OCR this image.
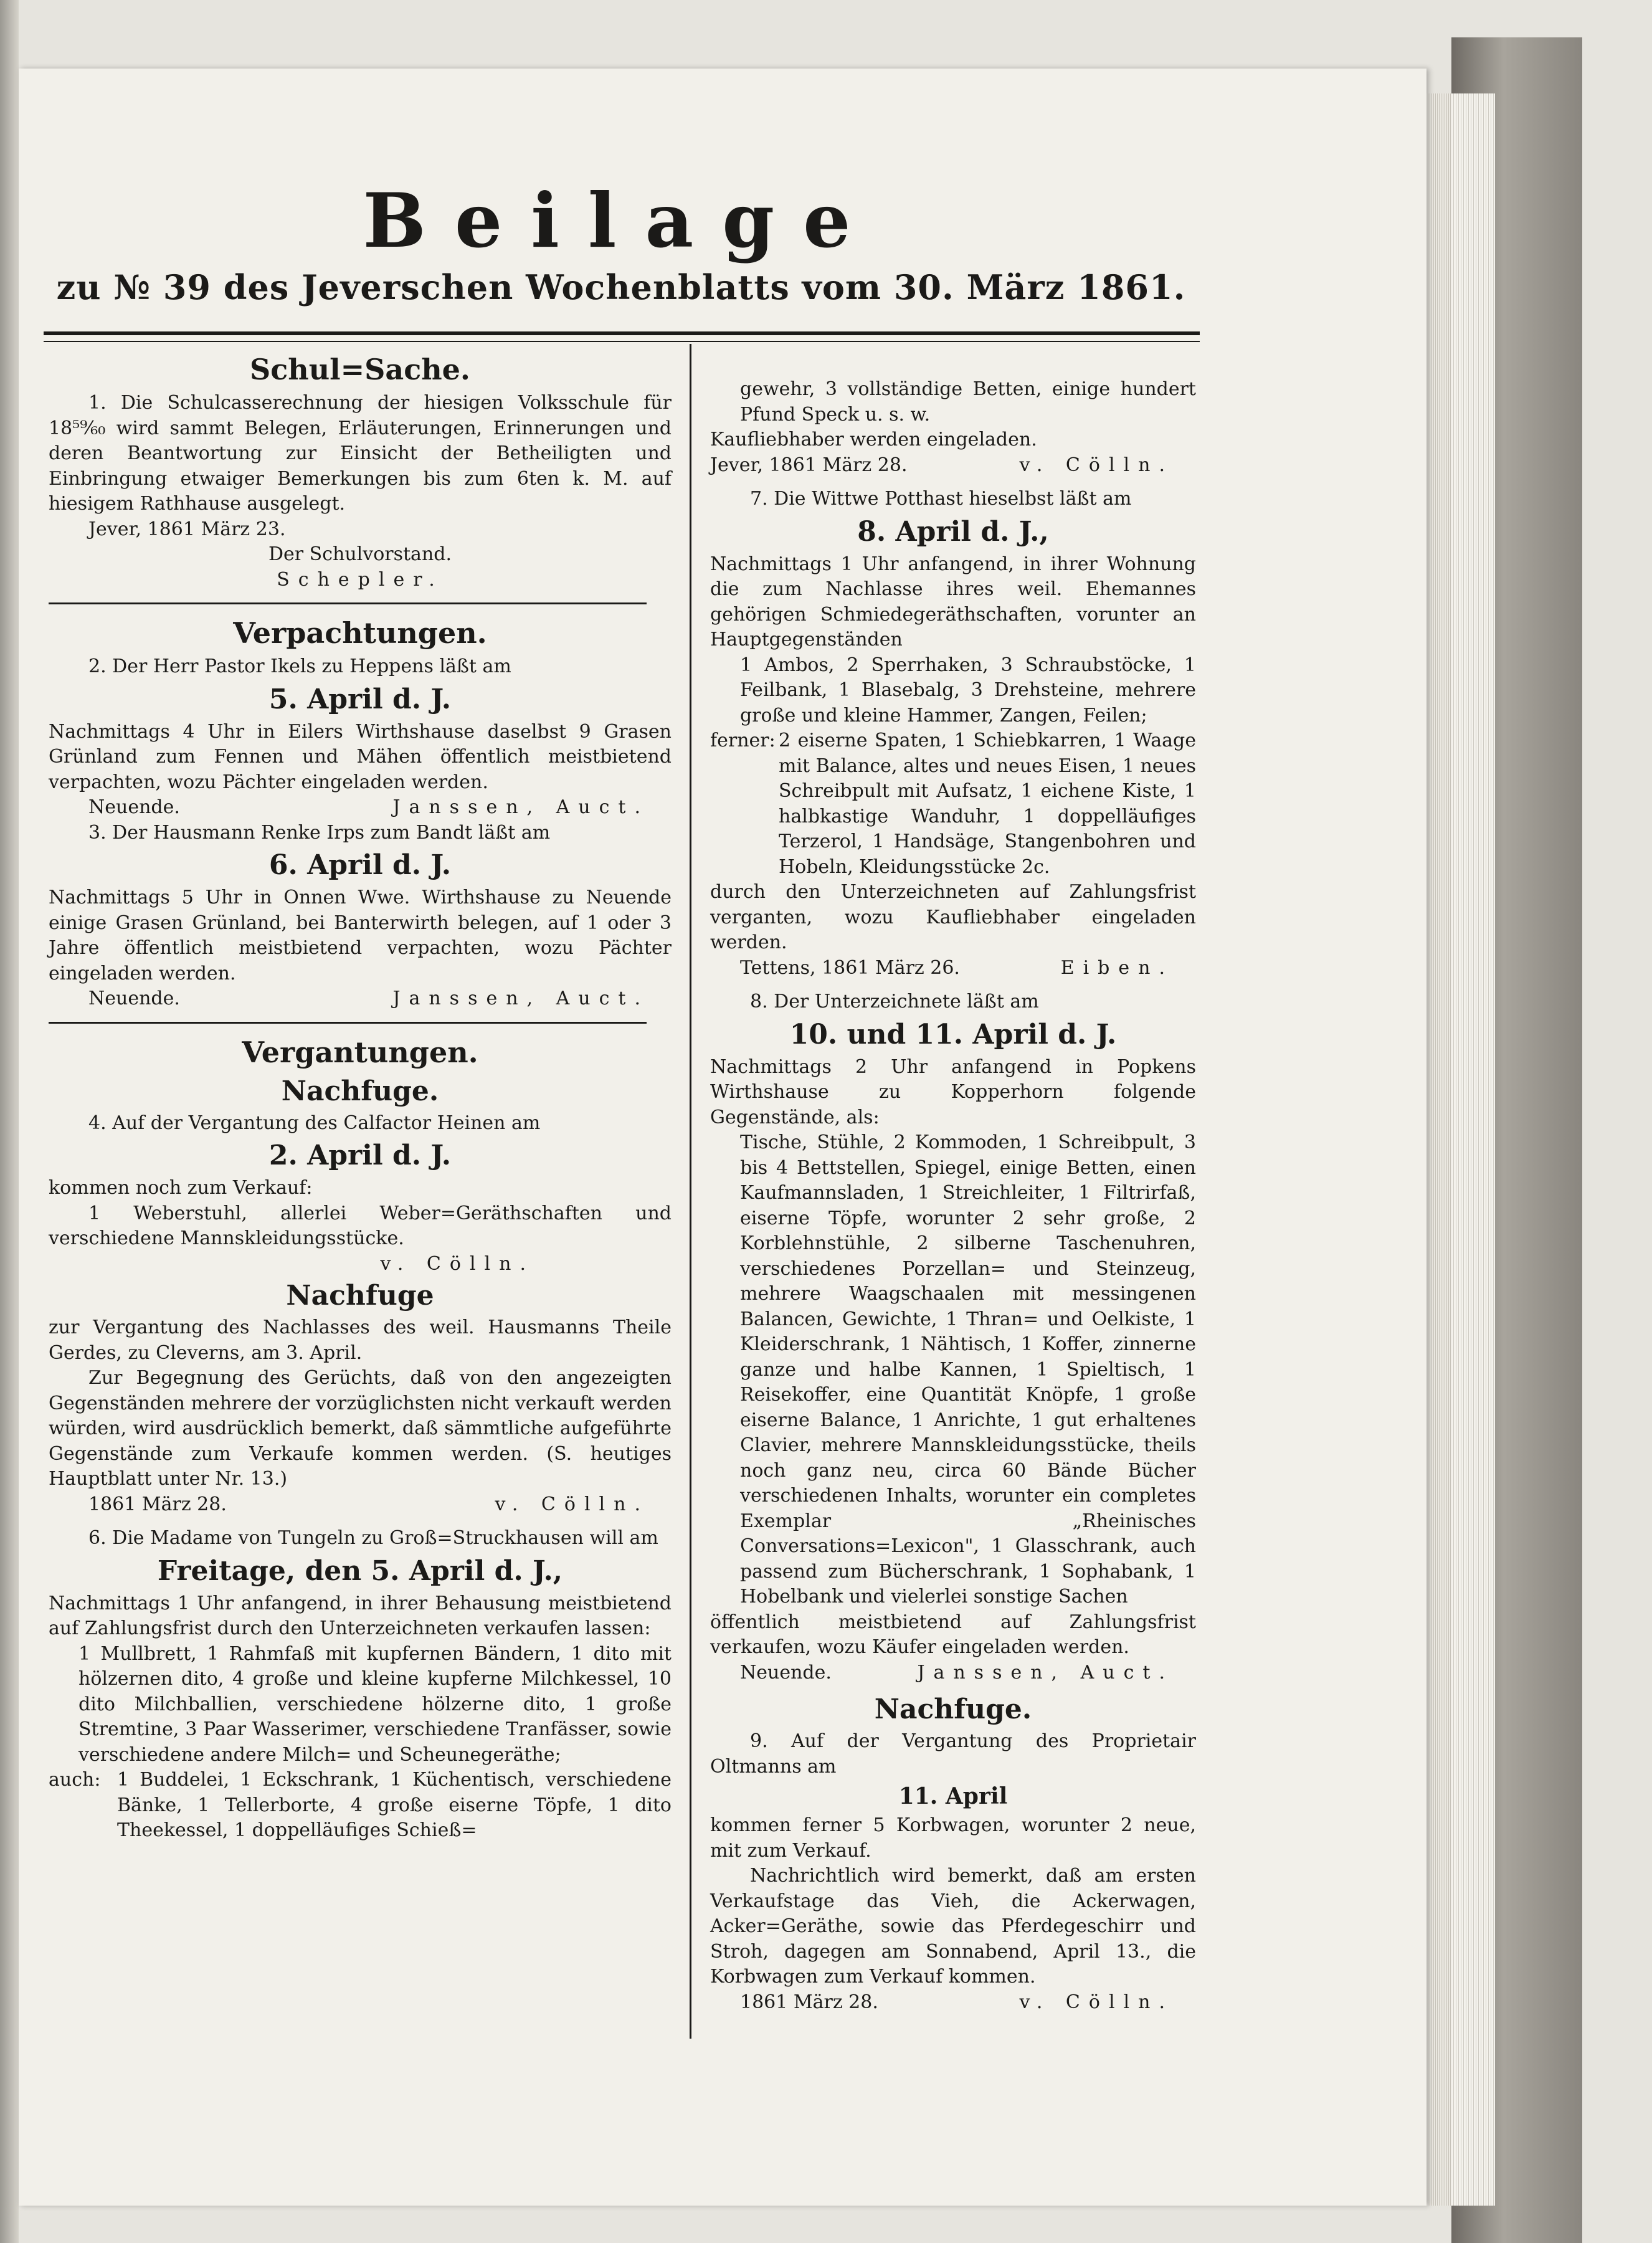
Beilage
zu № 39 des Jeverschen Wochenblatts vom 30. März 1861.
Schul=Sache.

1. Die Schulcasserechnung der hiesigen Volksschule für 18⁵⁹⁄₆₀ wird sammt Belegen, Erläuterungen, Erinnerungen und deren Beantwortung zur Einsicht der Betheiligten und Einbringung etwaiger Bemerkungen bis zum 6ten k. M. auf hiesigem Rathhause ausgelegt.

Jever, 1861 März 23.

Der Schulvorstand.

Schepler.

Verpachtungen.

2. Der Herr Pastor Ikels zu Heppens läßt am

5. April d. J.

Nachmittags 4 Uhr in Eilers Wirthshause daselbst 9 Grasen Grünland zum Fennen und Mähen öffentlich meistbietend verpachten, wozu Pächter eingeladen werden.

Neuende.	Janssen, Auct.

3. Der Hausmann Renke Irps zum Bandt läßt am

6. April d. J.

Nachmittags 5 Uhr in Onnen Wwe. Wirthshause zu Neuende einige Grasen Grünland, bei Banterwirth belegen, auf 1 oder 3 Jahre öffentlich meistbietend verpachten, wozu Pächter eingeladen werden.

Neuende.	Janssen, Auct.
Vergantungen.
Nachfuge.

4. Auf der Vergantung des Calfactor Heinen am

2. April d. J.

kommen noch zum Verkauf:

1 Weberstuhl, allerlei Weber=Geräthschaften und verschiedene Mannskleidungsstücke.

v. Cölln.

Nachfuge

zur Vergantung des Nachlasses des weil. Hausmanns Theile Gerdes, zu Cleverns, am 3. April.

Zur Begegnung des Gerüchts, daß von den angezeigten Gegenständen mehrere der vorzüglichsten nicht verkauft werden würden, wird ausdrücklich bemerkt, daß sämmtliche aufgeführte Gegenstände zum Verkaufe kommen werden. (S. heutiges Hauptblatt unter Nr. 13.)

1861 März 28.	v. Cölln.

6. Die Madame von Tungeln zu Groß=Struckhausen will am

Freitage, den 5. April d. J.,

Nachmittags 1 Uhr anfangend, in ihrer Behausung meistbietend auf Zahlungsfrist durch den Unterzeichneten verkaufen lassen:

1 Mullbrett, 1 Rahmfaß mit kupfernen Bändern, 1 dito mit hölzernen dito, 4 große und kleine kupferne Milchkessel, 10 dito Milchballien, verschiedene hölzerne dito, 1 große Stremtine, 3 Paar Wasserimer, verschiedene Tranfässer, sowie verschiedene andere Milch= und Scheunegeräthe;

auch: 1 Buddelei, 1 Eckschrank, 1 Küchentisch, verschiedene Bänke, 1 Tellerborte, 4 große eiserne Töpfe, 1 dito Theekessel, 1 doppelläufiges Schieß=

gewehr, 3 vollständige Betten, einige hundert Pfund Speck u. s. w.

Kaufliebhaber werden eingeladen.

Jever, 1861 März 28.	v. Cölln.

7. Die Wittwe Potthast hieselbst läßt am

8. April d. J.,

Nachmittags 1 Uhr anfangend, in ihrer Wohnung die zum Nachlasse ihres weil. Ehemannes gehörigen Schmiedegeräthschaften, vorunter an Hauptgegenständen

1 Ambos, 2 Sperrhaken, 3 Schraubstöcke, 1 Feilbank, 1 Blasebalg, 3 Drehsteine, mehrere große und kleine Hammer, Zangen, Feilen;

ferner: 2 eiserne Spaten, 1 Schiebkarren, 1 Waage mit Balance, altes und neues Eisen, 1 neues Schreibpult mit Aufsatz, 1 eichene Kiste, 1 halbkastige Wanduhr, 1 doppelläufiges Terzerol, 1 Handsäge, Stangenbohren und Hobeln, Kleidungsstücke 2c.

durch den Unterzeichneten auf Zahlungsfrist verganten, wozu Kaufliebhaber eingeladen werden.

Tettens, 1861 März 26.	Eiben.

8. Der Unterzeichnete läßt am

10. und 11. April d. J.

Nachmittags 2 Uhr anfangend in Popkens Wirthshause zu Kopperhorn folgende Gegenstände, als:

Tische, Stühle, 2 Kommoden, 1 Schreibpult, 3 bis 4 Bettstellen, Spiegel, einige Betten, einen Kaufmannsladen, 1 Streichleiter, 1 Filtrirfaß, eiserne Töpfe, worunter 2 sehr große, 2 Korblehnstühle, 2 silberne Taschenuhren, verschiedenes Porzellan= und Steinzeug, mehrere Waagschaalen mit messingenen Balancen, Gewichte, 1 Thran= und Oelkiste, 1 Kleiderschrank, 1 Nähtisch, 1 Koffer, zinnerne ganze und halbe Kannen, 1 Spieltisch, 1 Reisekoffer, eine Quantität Knöpfe, 1 große eiserne Balance, 1 Anrichte, 1 gut erhaltenes Clavier, mehrere Mannskleidungsstücke, theils noch ganz neu, circa 60 Bände Bücher verschiedenen Inhalts, worunter ein completes Exemplar „Rheinisches Conversations=Lexicon", 1 Glasschrank, auch passend zum Bücherschrank, 1 Sophabank, 1 Hobelbank und vielerlei sonstige Sachen

öffentlich meistbietend auf Zahlungsfrist verkaufen, wozu Käufer eingeladen werden.

Neuende.	Janssen, Auct.
Nachfuge.

9. Auf der Vergantung des Proprietair Oltmanns am

11. April

kommen ferner 5 Korbwagen, worunter 2 neue, mit zum Verkauf.

Nachrichtlich wird bemerkt, daß am ersten Verkaufstage das Vieh, die Ackerwagen, Acker=Geräthe, sowie das Pferdegeschirr und Stroh, dagegen am Sonnabend, April 13., die Korbwagen zum Verkauf kommen.

1861 März 28.	v. Cölln.
